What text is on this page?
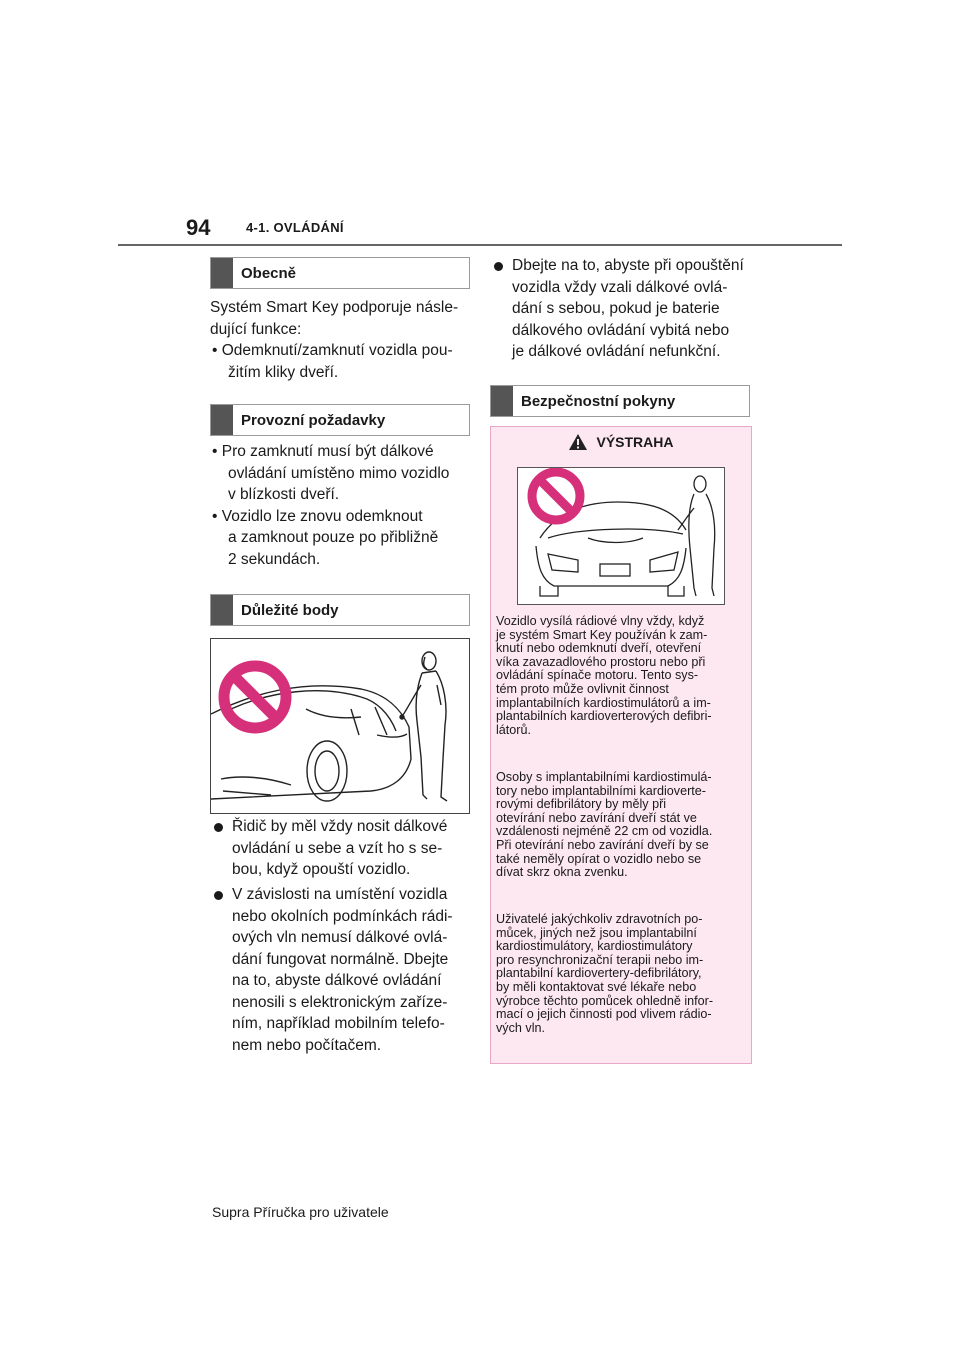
94	4-1. OVLÁDÁNÍ
Obecně

Systém Smart Key podporuje násle-

dující funkce:

• Odemknutí/zamknutí vozidla pou-

žitím kliky dveří.

Provozní požadavky

• Pro zamknutí musí být dálkové

ovládání umístěno mimo vozidlo

v blízkosti dveří.

• Vozidlo lze znovu odemknout

a zamknout pouze po přibližně

2 sekundách.

Důležité body
Řidič by měl vždy nosit dálkové
ovládání u sebe a vzít ho s se-
bou, když opouští vozidlo.
V závislosti na umístění vozidla
nebo okolních podmínkách rádi-
ových vln nemusí dálkové ovlá-
dání fungovat normálně. Dbejte
na to, abyste dálkové ovládání
nenosili s elektronickým zaříze-
ním, například mobilním telefo-
nem nebo počítačem.
Dbejte na to, abyste při opouštění
vozidla vždy vzali dálkové ovlá-
dání s sebou, pokud je baterie
dálkového ovládání vybitá nebo
je dálkové ovládání nefunkční.
Bezpečnostní pokyny
VÝSTRAHA
Vozidlo vysílá rádiové vlny vždy, když
je systém Smart Key používán k zam-
knutí nebo odemknutí dveří, otevření
víka zavazadlového prostoru nebo při
ovládání spínače motoru. Tento sys-
tém proto může ovlivnit činnost
implantabilních kardiostimulátorů a im-
plantabilních kardioverterových defibri-
látorů.
Osoby s implantabilními kardiostimulá-
tory nebo implantabilními kardioverte-
rovými defibrilátory by měly při
otevírání nebo zavírání dveří stát ve
vzdálenosti nejméně 22 cm od vozidla.
Při otevírání nebo zavírání dveří by se
také neměly opírat o vozidlo nebo se
dívat skrz okna zvenku.
Uživatelé jakýchkoliv zdravotních po-
můcek, jiných než jsou implantabilní
kardiostimulátory, kardiostimulátory
pro resynchronizační terapii nebo im-
plantabilní kardiovertery-defibrilátory,
by měli kontaktovat své lékaře nebo
výrobce těchto pomůcek ohledně infor-
mací o jejich činnosti pod vlivem rádio-
vých vln.
Supra Příručka pro uživatele
